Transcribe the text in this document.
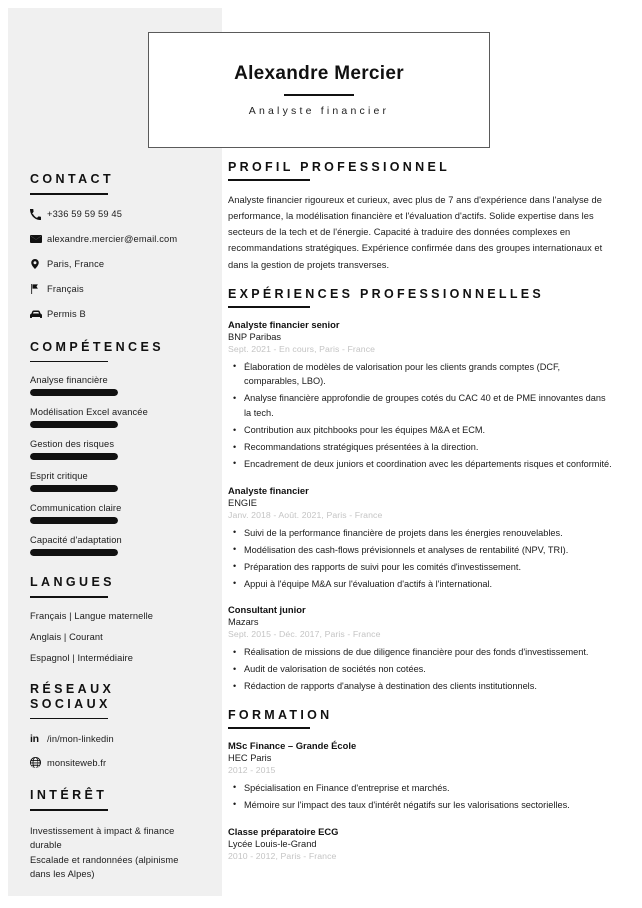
CONTACT
+336 59 59 59 45
alexandre.mercier@email.com
Paris, France
Français
Permis B
COMPÉTENCES
Analyse financière
Modélisation Excel avancée
Gestion des risques
Esprit critique
Communication claire
Capacité d'adaptation
LANGUES
Français | Langue maternelle
Anglais | Courant
Espagnol | Intermédiaire
RÉSEAUX SOCIAUX
in /in/mon-linkedin
monsiteweb.fr
INTÉRÊT
Investissement à impact & finance durable
Escalade et randonnées (alpinisme dans les Alpes)
Alexandre Mercier
Analyste financier
PROFIL PROFESSIONNEL

Analyste financier rigoureux et curieux, avec plus de 7 ans d'expérience dans l'analyse de performance, la modélisation financière et l'évaluation d'actifs. Solide expertise dans les secteurs de la tech et de l'énergie. Capacité à traduire des données complexes en recommandations stratégiques. Expérience confirmée dans des groupes internationaux et dans la gestion de projets transverses.

EXPÉRIENCES PROFESSIONNELLES
Analyste financier senior
BNP Paribas
Sept. 2021 - En cours, Paris - France
• Élaboration de modèles de valorisation pour les clients grands comptes (DCF, comparables, LBO).
• Analyse financière approfondie de groupes cotés du CAC 40 et de PME innovantes dans la tech.
• Contribution aux pitchbooks pour les équipes M&A et ECM.
• Recommandations stratégiques présentées à la direction.
• Encadrement de deux juniors et coordination avec les départements risques et conformité.
Analyste financier
ENGIE
Janv. 2018 - Août. 2021, Paris - France
• Suivi de la performance financière de projets dans les énergies renouvelables.
• Modélisation des cash-flows prévisionnels et analyses de rentabilité (NPV, TRI).
• Préparation des rapports de suivi pour les comités d'investissement.
• Appui à l'équipe M&A sur l'évaluation d'actifs à l'international.
Consultant junior
Mazars
Sept. 2015 - Déc. 2017, Paris - France
• Réalisation de missions de due diligence financière pour des fonds d'investissement.
• Audit de valorisation de sociétés non cotées.
• Rédaction de rapports d'analyse à destination des clients institutionnels.
FORMATION
MSc Finance – Grande École
HEC Paris
2012 - 2015
• Spécialisation en Finance d'entreprise et marchés.
• Mémoire sur l'impact des taux d'intérêt négatifs sur les valorisations sectorielles.
Classe préparatoire ECG
Lycée Louis-le-Grand
2010 - 2012, Paris - France
